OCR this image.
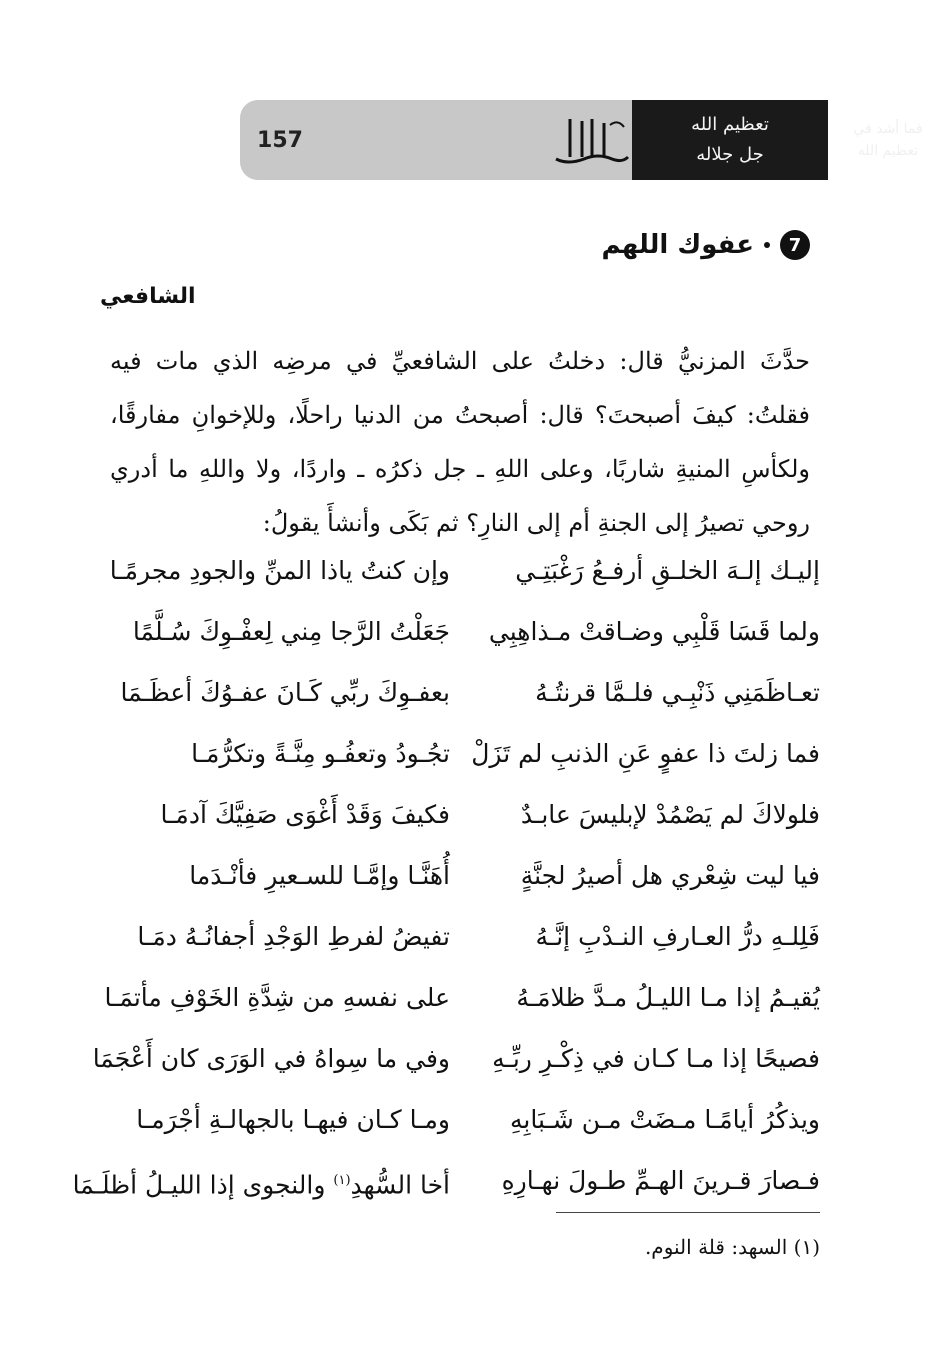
157
تعظيم الله
جل جلاله
فما أشد في
تعظيم الله
7
عفوك اللهم
الشافعي
حدَّثَ المزنيُّ قال: دخلتُ على الشافعيِّ في مرضِه الذي مات فيه فقلتُ: كيفَ أصبحتَ؟ قال: أصبحتُ من الدنيا راحلًا، وللإخوانِ مفارقًا، ولكأسِ المنيةِ شاربًا، وعلى اللهِ ـ جل ذكرُه ـ واردًا، ولا واللهِ ما أدري روحي تصيرُ إلى الجنةِ أم إلى النارِ؟ ثم بَكَى وأنشأَ يقولُ:
إليـك إلـهَ الخلـقِ أرفـعُ رَغْبَتِـي
وإن كنتُ ياذا المنِّ والجودِ مجرمًـا
ولما قَسَا قَلْبِي وضـاقتْ مـذاهِبِي
جَعَلْتُ الرَّجا مِني لِعفْـوِكَ سُـلَّمًا
تعـاظَمَنِي ذَنْبِـي فلـمَّا قرنتُـهُ
بعفـوِكَ ربِّي كَـانَ عفـوُكَ أعظَـمَا
فما زلتَ ذا عفوٍ عَنِ الذنبِ لم تَزَلْ
تجُـودُ وتعفُـو مِنَّـةً وتكرُّمَـا
فلولاكَ لم يَصْمُدْ لإبليسَ عابـدٌ
فكيفَ وَقَدْ أَغْوَى صَفِيَّكَ آدمَـا
فيا ليت شِعْري هل أصيرُ لجنَّةٍ
أُهَنَّـا وإمَّـا للسـعيرِ فأنْـدَما
فَلِلـهِ درُّ العـارفِ النـدْبِ إنَّـهُ
تفيضُ لفرطِ الوَجْدِ أجفانُـهُ دمَـا
يُقيـمُ إذا مـا الليـلُ مـدَّ ظلامَـهُ
على نفسهِ من شِدَّةِ الخَوْفِ مأتمَـا
فصيحًا إذا مـا كـان في ذِكْـرِ ربِّـهِ
وفي ما سِواهُ في الوَرَى كان أَعْجَمَا
ويذكُرُ أيامًـا مـضَتْ مـن شَـبَابِهِ
ومـا كـان فيهـا بالجهالـةِ أجْرَمـا
فـصارَ قـرينَ الهـمِّ طـولَ نهـارِهِ
أخا السُّهدِ$^{(١)}$ والنجوى إذا الليـلُ أظلَـمَا
(١) السهد: قلة النوم.
